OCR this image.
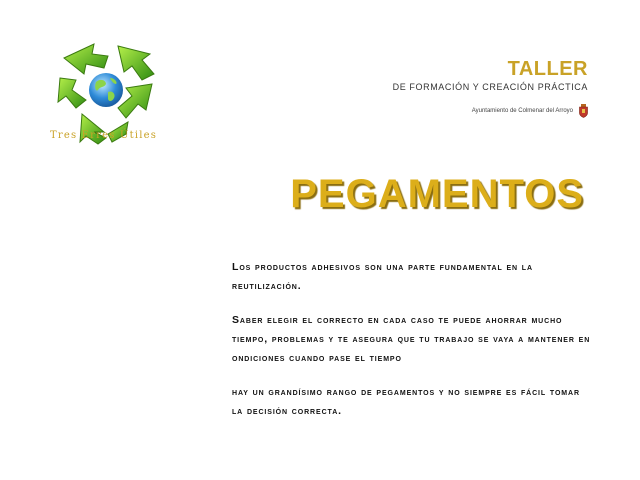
Tres Erres Útiles
TALLER
DE FORMACIÓN Y CREACIÓN PRÁCTICA
Ayuntamiento de Colmenar del Arroyo
PEGAMENTOS

Los productos adhesivos son una parte fundamental en la reutilización.

Saber elegir el correcto en cada caso te puede ahorrar mucho tiempo, problemas y te asegura que tu trabajo se vaya a mantener en ondiciones cuando pase el tiempo

hay un grandísimo rango de pegamentos y no siempre es fácil tomar la decisión correcta.
